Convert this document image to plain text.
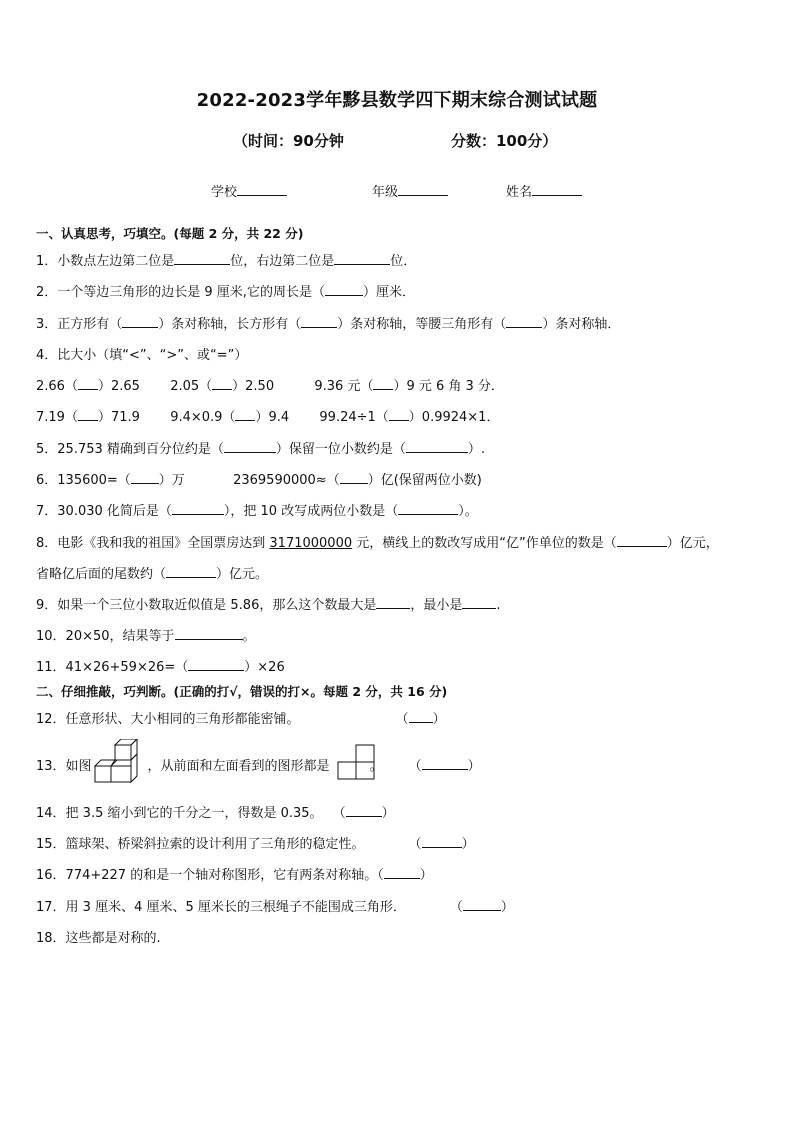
2022-2023学年黟县数学四下期末综合测试试题
（时间：90分钟	分数：100分）
学校	年级	姓名
一、认真思考，巧填空。(每题 2 分，共 22 分)
1．小数点左边第二位是	位，右边第二位是	位．
2．一个等边三角形的边长是 9 厘米,它的周长是（	）厘米．
3．正方形有（	）条对称轴，长方形有（	）条对称轴，等腰三角形有（	）条对称轴．
4．比大小（填“<”、“>”、或“=”）
2.66（ ）2.65 2.05（ ）2.50	9.36 元（ ）9 元 6 角 3 分．
7.19（ ）71.9 9.4×0.9（ ）9.4 99.24÷1（ ）0.9924×1．
5．25.753 精确到百分位约是（	）保留一位小数约是（	）.
6．135600=（ ）万	2369590000≈（ ）亿(保留两位小数)
7．30.030 化简后是（	），把 10 改写成两位小数是（	）。
8．电影《我和我的祖国》全国票房达到 3171000000 元，横线上的数改写成用“亿”作单位的数是（	）亿元，
省略亿后面的尾数约（	）亿元。
9．如果一个三位小数取近似值是 5.86，那么这个数最大是	，最小是	.
10．20×50，结果等于	。
11．41×26+59×26=（	）×26
二、仔细推敲，巧判断。(正确的打√，错误的打×。每题 2 分，共 16 分)
12．任意形状、大小相同的三角形都能密铺。	（ ）
13．如图	，从前面和左面看到的图形都是	。 （	）
14．把 3.5 缩小到它的千分之一，得数是 0.35。 （	）
15．篮球架、桥梁斜拉索的设计利用了三角形的稳定性。	（	）
16．774+227 的和是一个轴对称图形，它有两条对称轴。（	）
17．用 3 厘米、4 厘米、5 厘米长的三根绳子不能围成三角形．	（	）
18．这些都是对称的.
